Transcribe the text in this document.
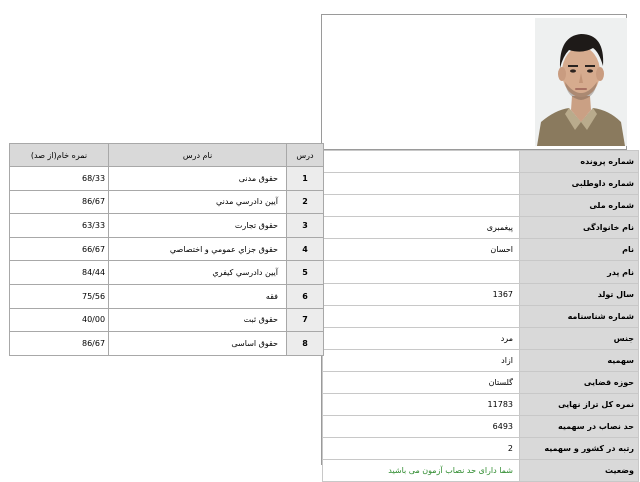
	شماره پرونده
	شماره داوطلبی
	شماره ملی
پیغمبری	نام خانوادگی
احسان	نام
	نام پدر
1367	سال تولد
	شماره شناسنامه
مرد	جنس
ازاد	سهمیه
گلستان	حوزه قضایی
11783	نمره کل تراز نهایی
6493	حد نصاب در سهمیه
2	رتبه در کشور و سهمیه
شما دارای حد نصاب آزمون می باشید	وضعیت
نمره خام(از صد)	نام درس	درس
68/33	حقوق مدنی	1
86/67	آيين دادرسي مدني	2
63/33	حقوق تجارت	3
66/67	حقوق جزاي عمومي و اختصاصي	4
84/44	آيين دادرسي كيفري	5
75/56	فقه	6
40/00	حقوق ثبت	7
86/67	حقوق اساسی	8
